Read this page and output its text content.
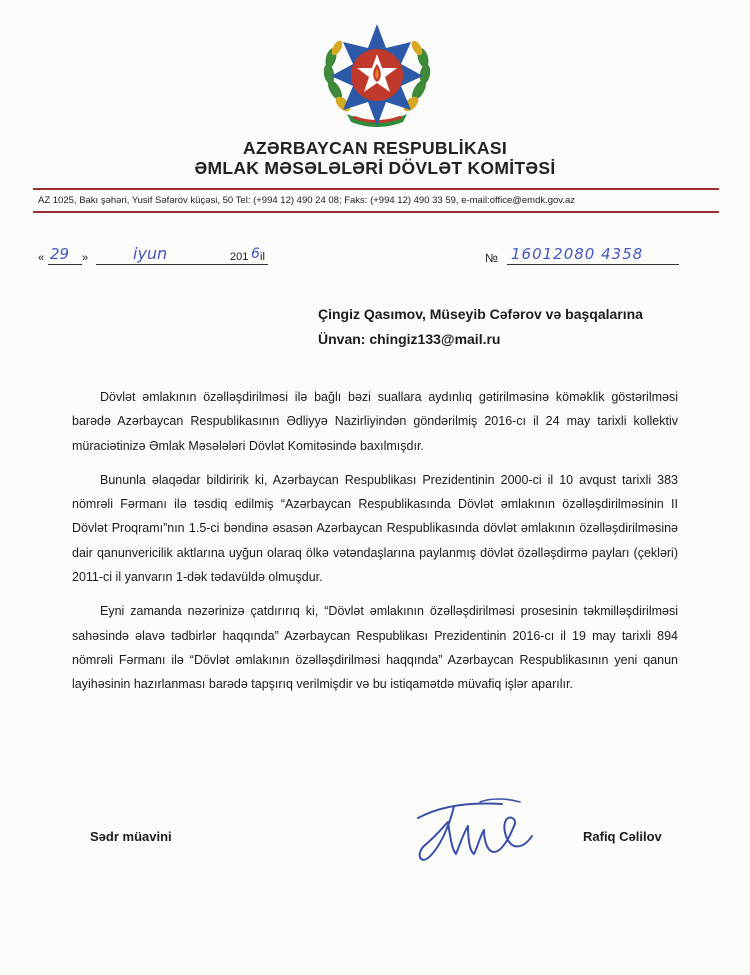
AZƏRBAYCAN RESPUBLİKASI
ƏMLAK MƏSƏLƏLƏRİ DÖVLƏT KOMİTƏSİ
AZ 1025, Bakı şəhəri, Yusif Səfərov küçəsi, 50 Tel: (+994 12) 490 24 08; Faks: (+994 12) 490 33 59, e-mail:office@emdk.gov.az
« 29 »	iyun	201 6 il	№ 16012080 4358
Çingiz Qasımov, Müseyib Cəfərov və başqalarına
Ünvan: chingiz133@mail.ru

Dövlət əmlakının özəlləşdirilməsi ilə bağlı bəzi suallara aydınlıq gətirilməsinə köməklik göstərilməsi barədə Azərbaycan Respublikasının Ədliyyə Nazirliyindən göndərilmiş 2016-cı il 24 may tarixli kollektiv müraciətinizə Əmlak Məsələləri Dövlət Komitəsində baxılmışdır.

Bununla əlaqədar bildiririk ki, Azərbaycan Respublikası Prezidentinin 2000-ci il 10 avqust tarixli 383 nömrəli Fərmanı ilə təsdiq edilmiş “Azərbaycan Respublikasında Dövlət əmlakının özəlləşdirilməsinin II Dövlət Proqramı”nın 1.5-ci bəndinə əsasən Azərbaycan Respublikasında dövlət əmlakının özəlləşdirilməsinə dair qanunvericilik aktlarına uyğun olaraq ölkə vətəndaşlarına paylanmış dövlət özəlləşdirmə payları (çekləri) 2011-ci il yanvarın 1-dək tədavüldə olmuşdur.

Eyni zamanda nəzərinizə çatdırırıq ki, “Dövlət əmlakının özəlləşdirilməsi prosesinin təkmilləşdirilməsi sahəsində əlavə tədbirlər haqqında” Azərbaycan Respublikası Prezidentinin 2016-cı il 19 may tarixli 894 nömrəli Fərmanı ilə “Dövlət əmlakının özəlləşdirilməsi haqqında” Azərbaycan Respublikasının yeni qanun layihəsinin hazırlanması barədə tapşırıq verilmişdir və bu istiqamətdə müvafiq işlər aparılır.

Sədr müavini	Rafiq Cəlilov
